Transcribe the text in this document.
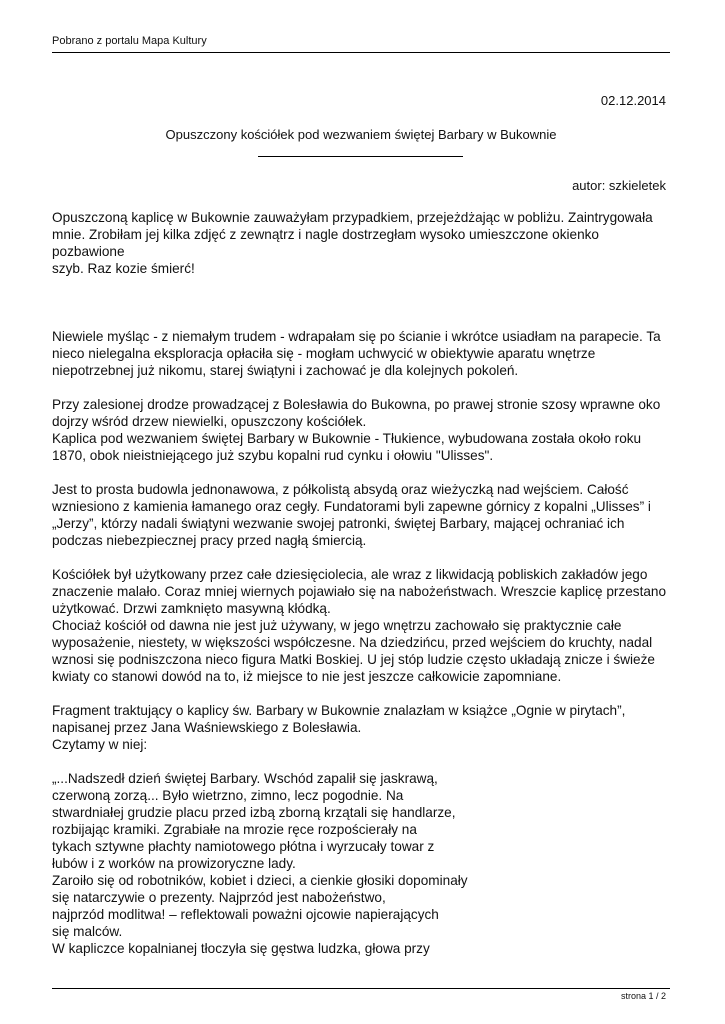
Pobrano z portalu Mapa Kultury
02.12.2014
Opuszczony kościółek pod wezwaniem świętej Barbary w Bukownie
autor: szkieletek

Opuszczoną kaplicę w Bukownie zauważyłam przypadkiem, przejeżdżając w pobliżu. Zaintrygowała
mnie. Zrobiłam jej kilka zdjęć z zewnątrz i nagle dostrzegłam wysoko umieszczone okienko pozbawione
szyb. Raz kozie śmierć!

Niewiele myśląc - z niemałym trudem - wdrapałam się po ścianie i wkrótce usiadłam na parapecie. Ta
nieco nielegalna eksploracja opłaciła się - mogłam uchwycić w obiektywie aparatu wnętrze
niepotrzebnej już nikomu, starej świątyni i zachować je dla kolejnych pokoleń.

Przy zalesionej drodze prowadzącej z Bolesławia do Bukowna, po prawej stronie szosy wprawne oko
dojrzy wśród drzew niewielki, opuszczony kościółek.
Kaplica pod wezwaniem świętej Barbary w Bukownie - Tłukience, wybudowana została około roku
1870, obok nieistniejącego już szybu kopalni rud cynku i ołowiu "Ulisses".

Jest to prosta budowla jednonawowa, z półkolistą absydą oraz wieżyczką nad wejściem. Całość
wzniesiono z kamienia łamanego oraz cegły. Fundatorami byli zapewne górnicy z kopalni „Ulisses” i
„Jerzy”, którzy nadali świątyni wezwanie swojej patronki, świętej Barbary, mającej ochraniać ich
podczas niebezpiecznej pracy przed nagłą śmiercią.

Kościółek był użytkowany przez całe dziesięciolecia, ale wraz z likwidacją pobliskich zakładów jego
znaczenie malało. Coraz mniej wiernych pojawiało się na nabożeństwach. Wreszcie kaplicę przestano
użytkować. Drzwi zamknięto masywną kłódką.
Chociaż kościół od dawna nie jest już używany, w jego wnętrzu zachowało się praktycznie całe
wyposażenie, niestety, w większości współczesne. Na dziedzińcu, przed wejściem do kruchty, nadal
wznosi się podniszczona nieco figura Matki Boskiej. U jej stóp ludzie często układają znicze i świeże
kwiaty co stanowi dowód na to, iż miejsce to nie jest jeszcze całkowicie zapomniane.

Fragment traktujący o kaplicy św. Barbary w Bukownie znalazłam w książce „Ognie w pirytach”,
napisanej przez Jana Waśniewskiego z Bolesławia.
Czytamy w niej:

„...Nadszedł dzień świętej Barbary. Wschód zapalił się jaskrawą,
czerwoną zorzą... Było wietrzno, zimno, lecz pogodnie. Na
stwardniałej grudzie placu przed izbą zborną krzątali się handlarze,
rozbijając kramiki. Zgrabiałe na mrozie ręce rozpościerały na
tykach sztywne płachty namiotowego płótna i wyrzucały towar z
łubów i z worków na prowizoryczne lady.
Zaroiło się od robotników, kobiet i dzieci, a cienkie głosiki dopominały
się natarczywie o prezenty. Najprzód jest nabożeństwo,
najprzód modlitwa! – reflektowali poważni ojcowie napierających
się malców.
W kapliczce kopalnianej tłoczyła się gęstwa ludzka, głowa przy

strona 1 / 2
